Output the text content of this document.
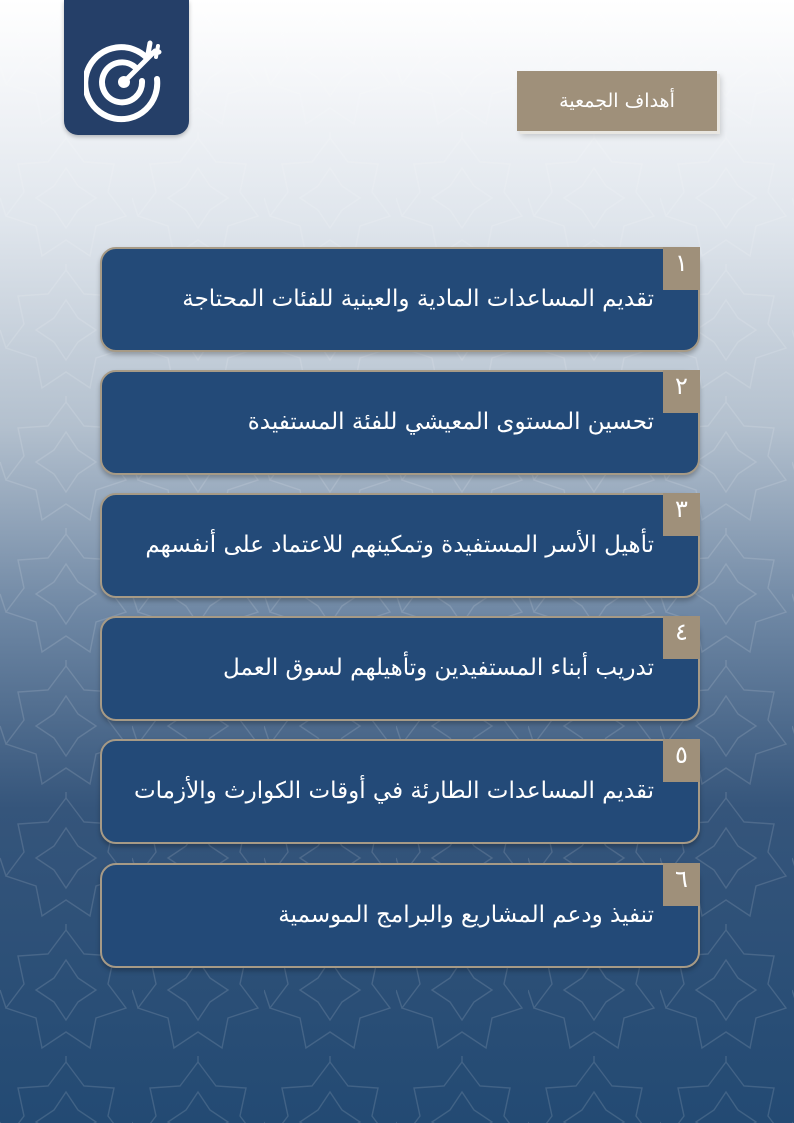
أهداف الجمعية
١
تقديم المساعدات المادية والعينية للفئات المحتاجة
٢
تحسين المستوى المعيشي للفئة المستفيدة
٣
تأهيل الأسر المستفيدة وتمكينهم للاعتماد على أنفسهم
٤
تدريب أبناء المستفيدين وتأهيلهم لسوق العمل
٥
تقديم المساعدات الطارئة في أوقات الكوارث والأزمات
٦
تنفيذ ودعم المشاريع والبرامج الموسمية
